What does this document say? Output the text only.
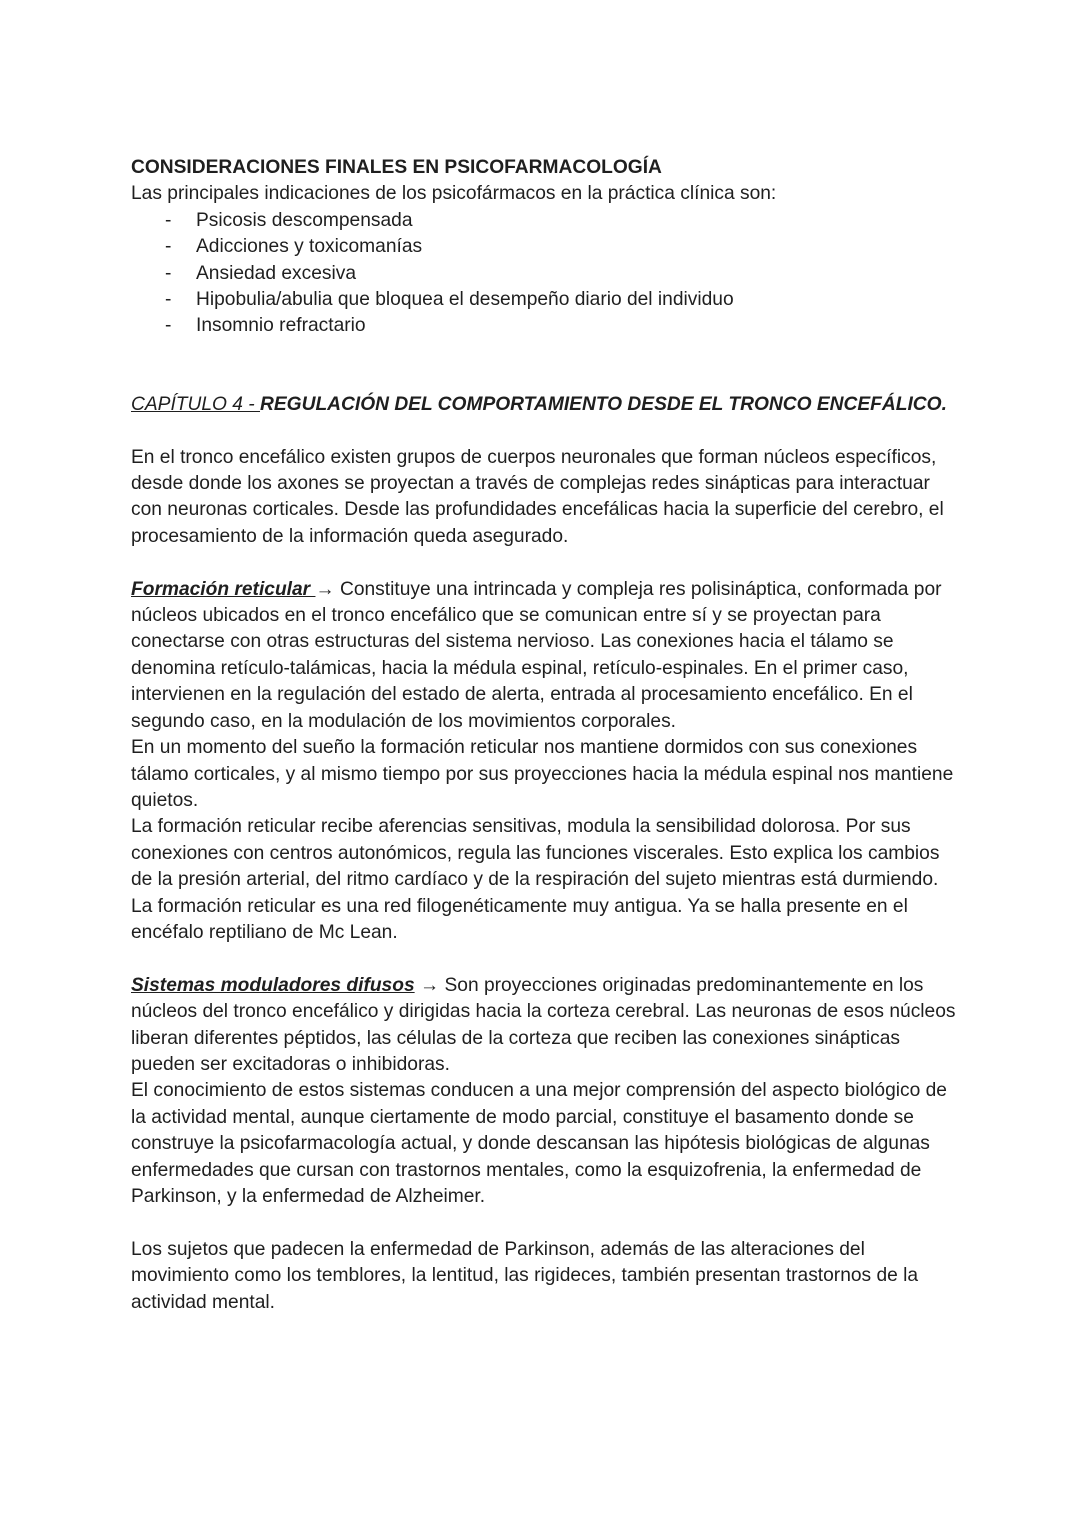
CONSIDERACIONES FINALES EN PSICOFARMACOLOGÍA

Las principales indicaciones de los psicofármacos en la práctica clínica son:

- Psicosis descompensada
- Adicciones y toxicomanías
- Ansiedad excesiva
- Hipobulia/abulia que bloquea el desempeño diario del individuo
- Insomnio refractario

CAPÍTULO 4 - REGULACIÓN DEL COMPORTAMIENTO DESDE EL TRONCO ENCEFÁLICO.

En el tronco encefálico existen grupos de cuerpos neuronales que forman núcleos específicos, desde donde los axones se proyectan a través de complejas redes sinápticas para interactuar con neuronas corticales. Desde las profundidades encefálicas hacia la superficie del cerebro, el procesamiento de la información queda asegurado.

Formación reticular → Constituye una intrincada y compleja res polisináptica, conformada por núcleos ubicados en el tronco encefálico que se comunican entre sí y se proyectan para conectarse con otras estructuras del sistema nervioso. Las conexiones hacia el tálamo se denomina retículo-talámicas, hacia la médula espinal, retículo-espinales. En el primer caso, intervienen en la regulación del estado de alerta, entrada al procesamiento encefálico. En el segundo caso, en la modulación de los movimientos corporales.

En un momento del sueño la formación reticular nos mantiene dormidos con sus conexiones tálamo corticales, y al mismo tiempo por sus proyecciones hacia la médula espinal nos mantiene quietos.

La formación reticular recibe aferencias sensitivas, modula la sensibilidad dolorosa. Por sus conexiones con centros autonómicos, regula las funciones viscerales. Esto explica los cambios de la presión arterial, del ritmo cardíaco y de la respiración del sujeto mientras está durmiendo.

La formación reticular es una red filogenéticamente muy antigua. Ya se halla presente en el encéfalo reptiliano de Mc Lean.

Sistemas moduladores difusos → Son proyecciones originadas predominantemente en los núcleos del tronco encefálico y dirigidas hacia la corteza cerebral. Las neuronas de esos núcleos liberan diferentes péptidos, las células de la corteza que reciben las conexiones sinápticas pueden ser excitadoras o inhibidoras.

El conocimiento de estos sistemas conducen a una mejor comprensión del aspecto biológico de la actividad mental, aunque ciertamente de modo parcial, constituye el basamento donde se construye la psicofarmacología actual, y donde descansan las hipótesis biológicas de algunas enfermedades que cursan con trastornos mentales, como la esquizofrenia, la enfermedad de Parkinson, y la enfermedad de Alzheimer.

Los sujetos que padecen la enfermedad de Parkinson, además de las alteraciones del movimiento como los temblores, la lentitud, las rigideces, también presentan trastornos de la actividad mental.
